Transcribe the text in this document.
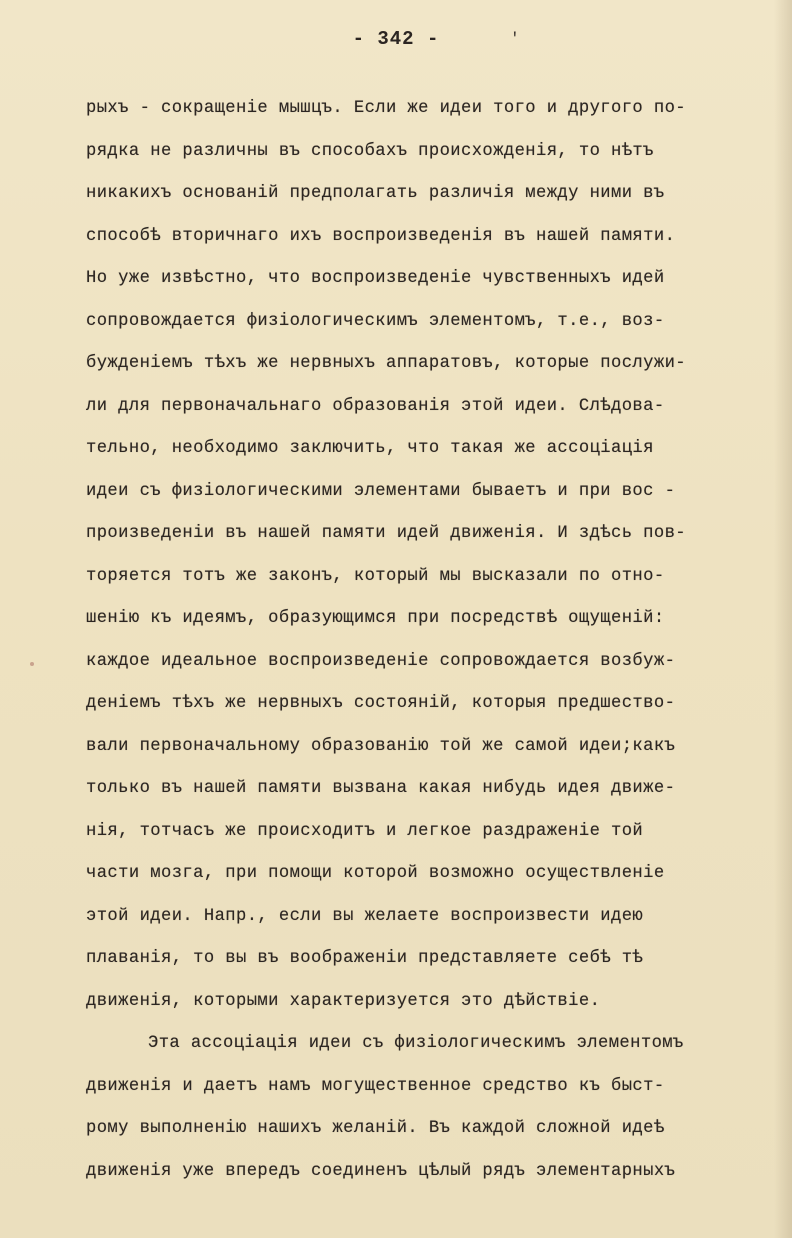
- 342 -	'
рыхъ - сокращенiе мышцъ. Если же идеи того и другого по-
рядка не различны въ способахъ происхожденiя, то нѣтъ
никакихъ основанiй предполагать различiя между ними въ
способѣ вторичнаго ихъ воспроизведенiя въ нашей памяти.
Но уже извѣстно, что воспроизведенiе чувственныхъ идей
сопровождается физiологическимъ элементомъ, т.е., воз-
бужденiемъ тѣхъ же нервныхъ аппаратовъ, которые послужи-
ли для первоначальнаго образованiя этой идеи. Слѣдова-
тельно, необходимо заключить, что такая же ассоцiацiя
идеи съ физiологическими элементами бываетъ и при вос -
произведенiи въ нашей памяти идей движенiя. И здѣсь пов-
торяется тотъ же законъ, который мы высказали по отно-
шенiю къ идеямъ, образующимся при посредствѣ ощущенiй:
каждое идеальное воспроизведенiе сопровождается возбуж-
денiемъ тѣхъ же нервныхъ состоянiй, которыя предшество-
вали первоначальному образованiю той же самой идеи;какъ
только въ нашей памяти вызвана какая нибудь идея движе-
нiя, тотчасъ же происходитъ и легкое раздраженiе той
части мозга, при помощи которой возможно осуществленiе
этой идеи. Напр., если вы желаете воспроизвести идею
плаванiя, то вы въ воображенiи представляете себѣ тѣ
движенiя, которыми характеризуется это дѣйствiе.
Эта ассоцiацiя идеи съ физiологическимъ элементомъ
движенiя и даетъ намъ могущественное средство къ быст-
рому выполненiю нашихъ желанiй. Въ каждой сложной идеѣ
движенiя уже впередъ соединенъ цѣлый рядъ элементарныхъ
